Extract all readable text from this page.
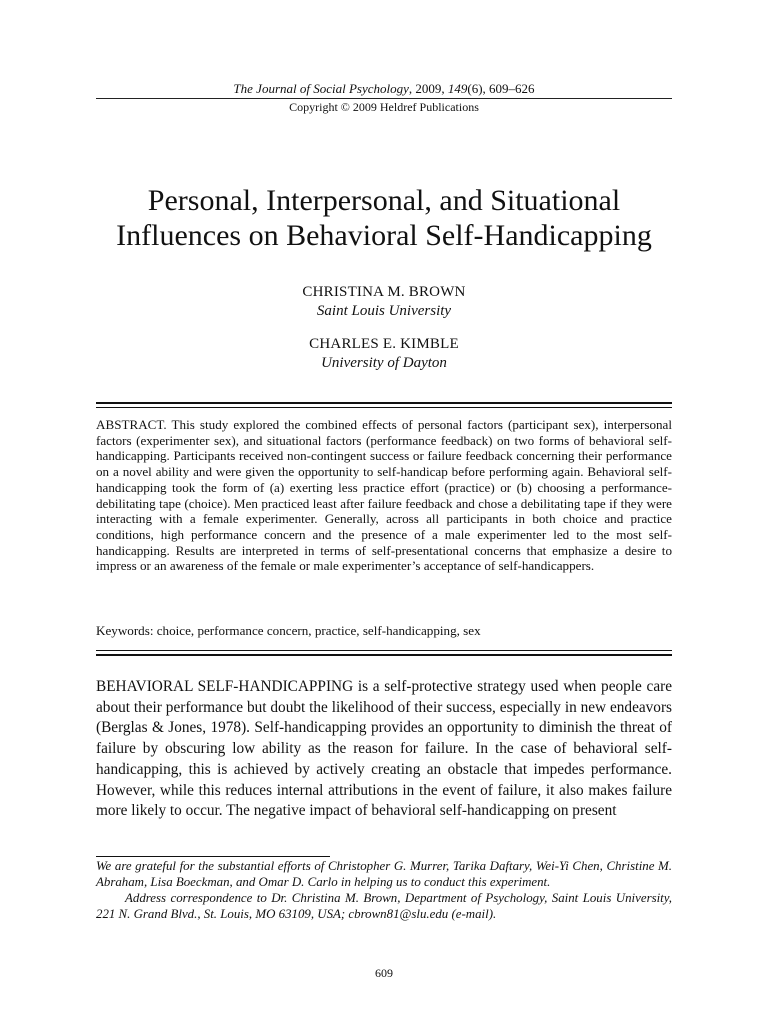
The Journal of Social Psychology, 2009, 149(6), 609–626
Copyright © 2009 Heldref Publications
Personal, Interpersonal, and Situational
Influences on Behavioral Self-Handicapping
CHRISTINA M. BROWN
Saint Louis University
CHARLES E. KIMBLE
University of Dayton
ABSTRACT. This study explored the combined effects of personal factors (participant sex), interpersonal factors (experimenter sex), and situational factors (performance feedback) on two forms of behavioral self-handicapping. Participants received non-contingent success or failure feedback concerning their performance on a novel ability and were given the opportunity to self-handicap before performing again. Behavioral self-handicapping took the form of (a) exerting less practice effort (practice) or (b) choosing a performance-debilitating tape (choice). Men practiced least after failure feedback and chose a debilitating tape if they were interacting with a female experimenter. Generally, across all participants in both choice and practice conditions, high performance concern and the presence of a male experimenter led to the most self-handicapping. Results are interpreted in terms of self-presentational concerns that emphasize a desire to impress or an awareness of the female or male experimenter’s acceptance of self-handicappers.
Keywords: choice, performance concern, practice, self-handicapping, sex
BEHAVIORAL SELF-HANDICAPPING is a self-protective strategy used when people care about their performance but doubt the likelihood of their success, especially in new endeavors (Berglas & Jones, 1978). Self-handicapping provides an opportunity to diminish the threat of failure by obscuring low ability as the reason for failure. In the case of behavioral self-handicapping, this is achieved by actively creating an obstacle that impedes performance. However, while this reduces internal attributions in the event of failure, it also makes failure more likely to occur. The negative impact of behavioral self-handicapping on present

We are grateful for the substantial efforts of Christopher G. Murrer, Tarika Daftary, Wei-Yi Chen, Christine M. Abraham, Lisa Boeckman, and Omar D. Carlo in helping us to conduct this experiment.

Address correspondence to Dr. Christina M. Brown, Department of Psychology, Saint Louis University, 221 N. Grand Blvd., St. Louis, MO 63109, USA; cbrown81@slu.edu (e-mail).

609
